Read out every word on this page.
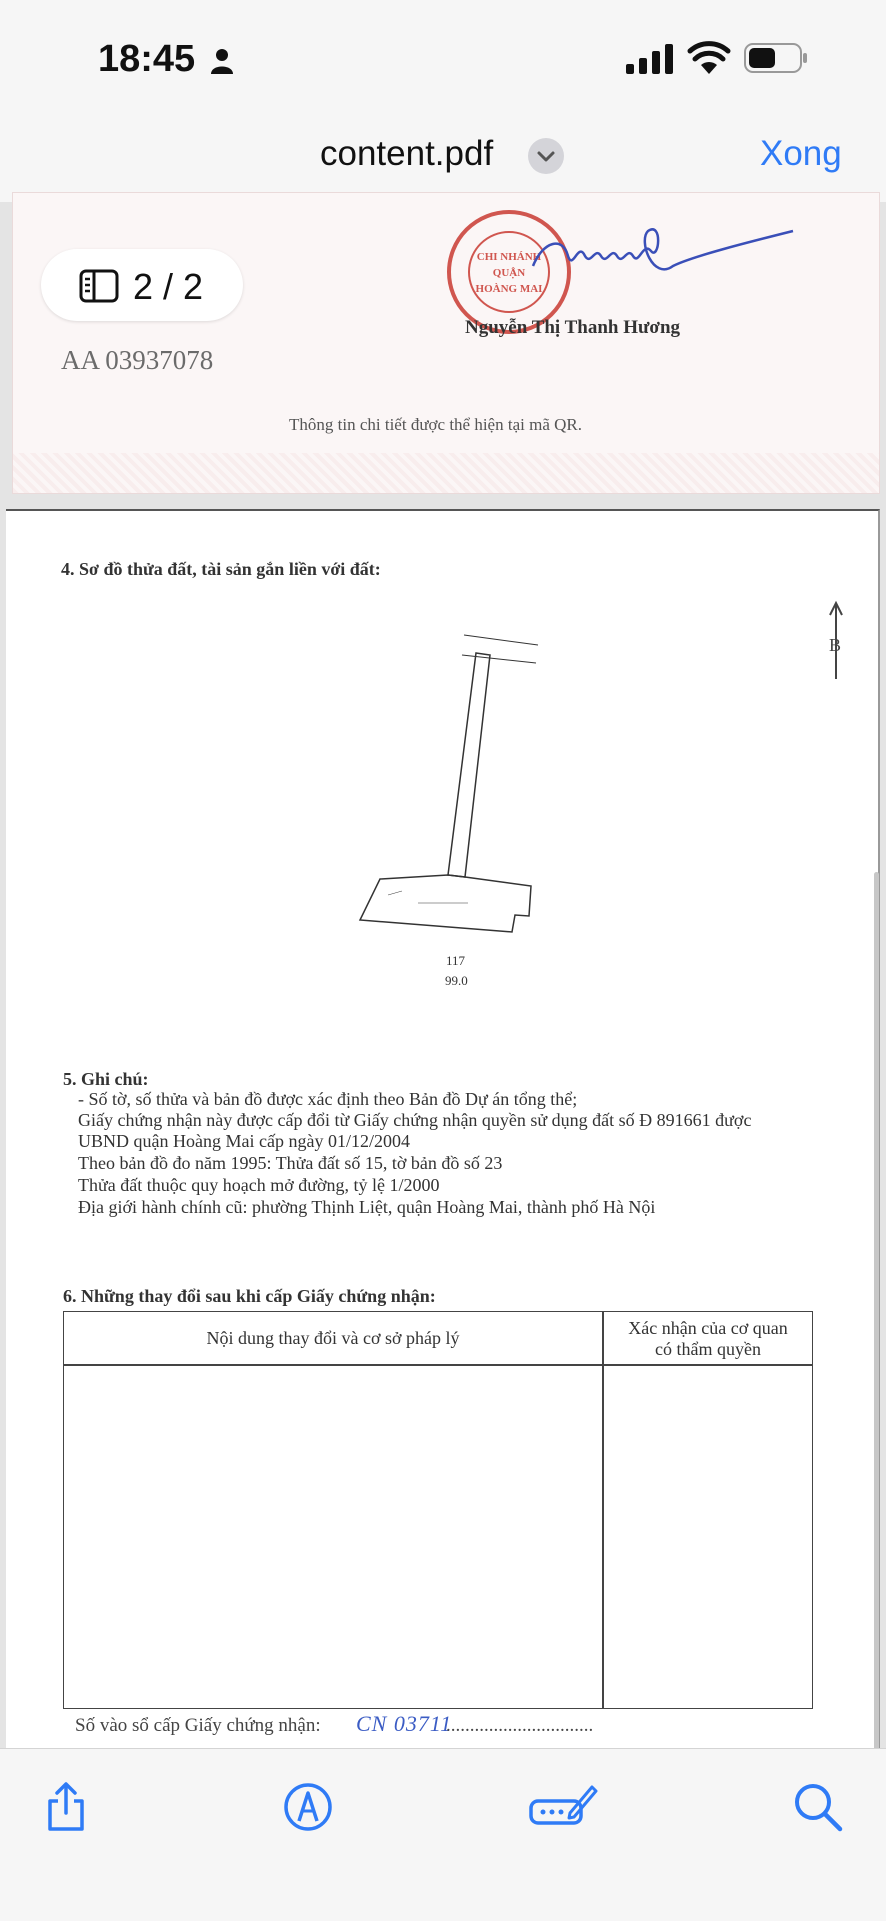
18:45
content.pdf	Xong
CHI NHÁNH
QUẬN
HOÀNG MAI
Nguyễn Thị Thanh Hương
AA 03937078
Thông tin chi tiết được thể hiện tại mã QR.
2 / 2
4. Sơ đồ thửa đất, tài sản gắn liền với đất:
B
117
99.0
5. Ghi chú:
- Số tờ, số thửa và bản đồ được xác định theo Bản đồ Dự án tổng thể;
Giấy chứng nhận này được cấp đổi từ Giấy chứng nhận quyền sử dụng đất số Đ 891661 được
UBND quận Hoàng Mai cấp ngày 01/12/2004
Theo bản đồ đo năm 1995: Thửa đất số 15, tờ bản đồ số 23
Thửa đất thuộc quy hoạch mở đường, tỷ lệ 1/2000
Địa giới hành chính cũ: phường Thịnh Liệt, quận Hoàng Mai, thành phố Hà Nội
6. Những thay đổi sau khi cấp Giấy chứng nhận:
Nội dung thay đổi và cơ sở pháp lý	Xác nhận của cơ quan
có thẩm quyền
Số vào sổ cấp Giấy chứng nhận: CN 03711
...............................
